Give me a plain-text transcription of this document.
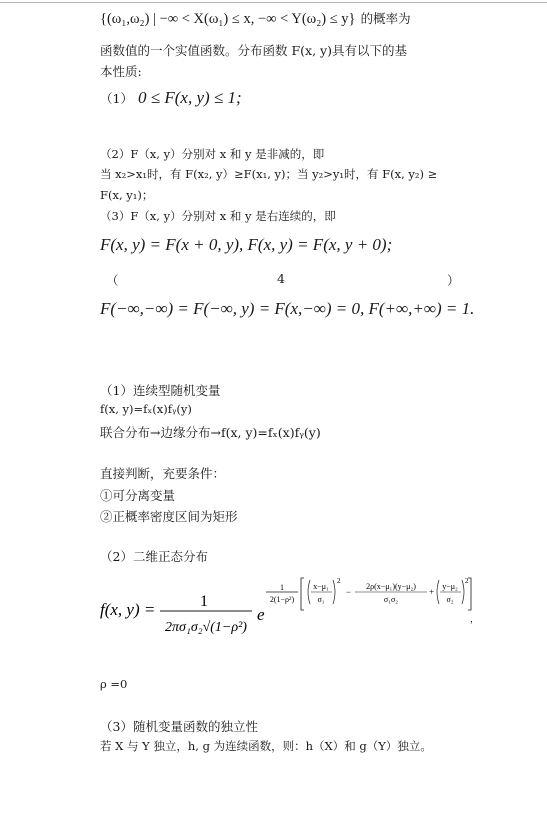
{(ω₁,ω₂) | −∞ < X(ω₁) ≤ x, −∞ < Y(ω₂) ≤ y} 的概率为
函数值的一个实值函数。分布函数 F(x, y)具有以下的基
本性质:
（1） 0 ≤ F(x, y) ≤ 1;
（2）F（x, y）分别对 x 和 y 是非减的，即
当 x₂>x₁时，有 F(x₂, y）≥F(x₁, y)；当 y₂>y₁时，有 F(x, y₂) ≥
F(x, y₁)；
（3）F（x, y）分别对 x 和 y 是右连续的，即
F(x, y) = F(x + 0, y), F(x, y) = F(x, y + 0);
（	4	）
F(−∞,−∞) = F(−∞, y) = F(x,−∞) = 0, F(+∞,+∞) = 1.
（1）连续型随机变量
f(x, y)=fₓ(x)fᵧ(y)
联合分布→边缘分布→f(x, y)=fₓ(x)fᵧ(y)
直接判断，充要条件：
①可分离变量
②正概率密度区间为矩形
（2）二维正态分布
f(x, y) =	1
2πσ₁σ₂√(1−ρ²)
e
1
2(1−ρ²)
x−μ₁
σ₁
2
−
2ρ(x−μ₁)(y−μ₂)
σ₁σ₂
+
y−μ₂
σ₂
2
，
ρ =0
（3）随机变量函数的独立性
若 X 与 Y 独立，h, g 为连续函数，则：h（X）和 g（Y）独立。
